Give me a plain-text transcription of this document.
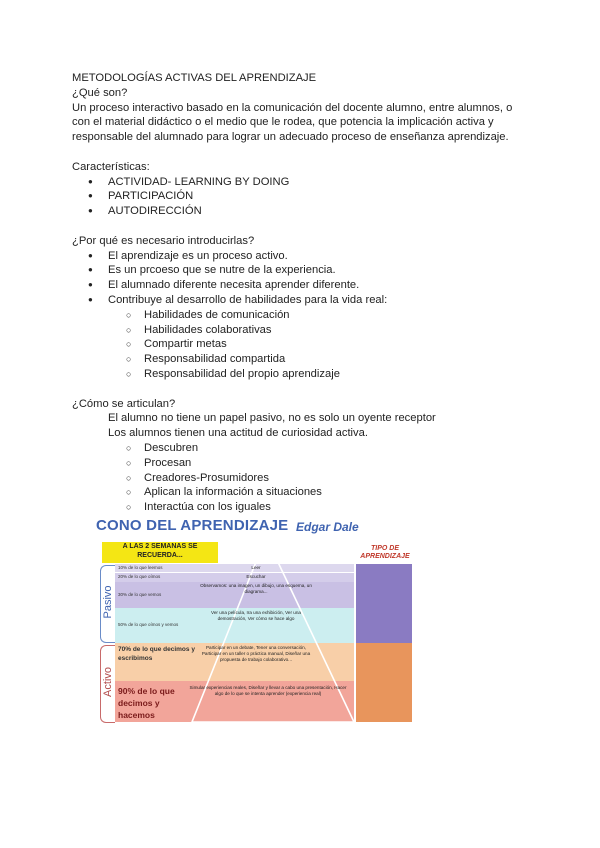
METODOLOGÍAS ACTIVAS DEL APRENDIZAJE
¿Qué son?
Un proceso interactivo basado en la comunicación del docente alumno, entre alumnos, o
con el material didáctico o el medio que le rodea, que potencia la implicación activa y
responsable del alumnado para lograr un adecuado proceso de enseñanza aprendizaje.
Características:
● ACTIVIDAD- LEARNING BY DOING
● PARTICIPACIÓN
● AUTODIRECCIÓN
¿Por qué es necesario introducirlas?
● El aprendizaje es un proceso activo.
● Es un prcoeso que se nutre de la experiencia.
● El alumnado diferente necesita aprender diferente.
● Contribuye al desarrollo de habilidades para la vida real:
○ Habilidades de comunicación
○ Habilidades colaborativas
○ Compartir metas
○ Responsabilidad compartida
○ Responsabilidad del propio aprendizaje
¿Cómo se articulan?
El alumno no tiene un papel pasivo, no es solo un oyente receptor
Los alumnos tienen una actitud de curiosidad activa.
○ Descubren
○ Procesan
○ Creadores-Prosumidores
○ Aplican la información a situaciones
○ Interactúa con los iguales
CONO DEL APRENDIZAJE Edgar Dale
A LAS 2 SEMANAS SE RECUERDA...
TIPO DE APRENDIZAJE
10% de lo que leemos
20% de lo que oímos
30% de lo que vemos
50% de lo que oímos y vemos
70% de lo que decimos y escribimos
90% de lo que decimos y hacemos
Leer
Escuchar
Observamos: una imagen, un dibujo, una esquema, un diagrama...
Ver una película, Ira una exhibición, Ver una demostración, Ver cómo se hace algo
Participar en un debate, Tener una conversación, Participar en un taller o práctica manual, Diseñar una propuesta de trabajo colaborativo...
Simular experiencias reales, Diseñar y llevar a cabo una presentación, Hacer algo de lo que se intenta aprender (experiencia real)
Pasivo
Activo
